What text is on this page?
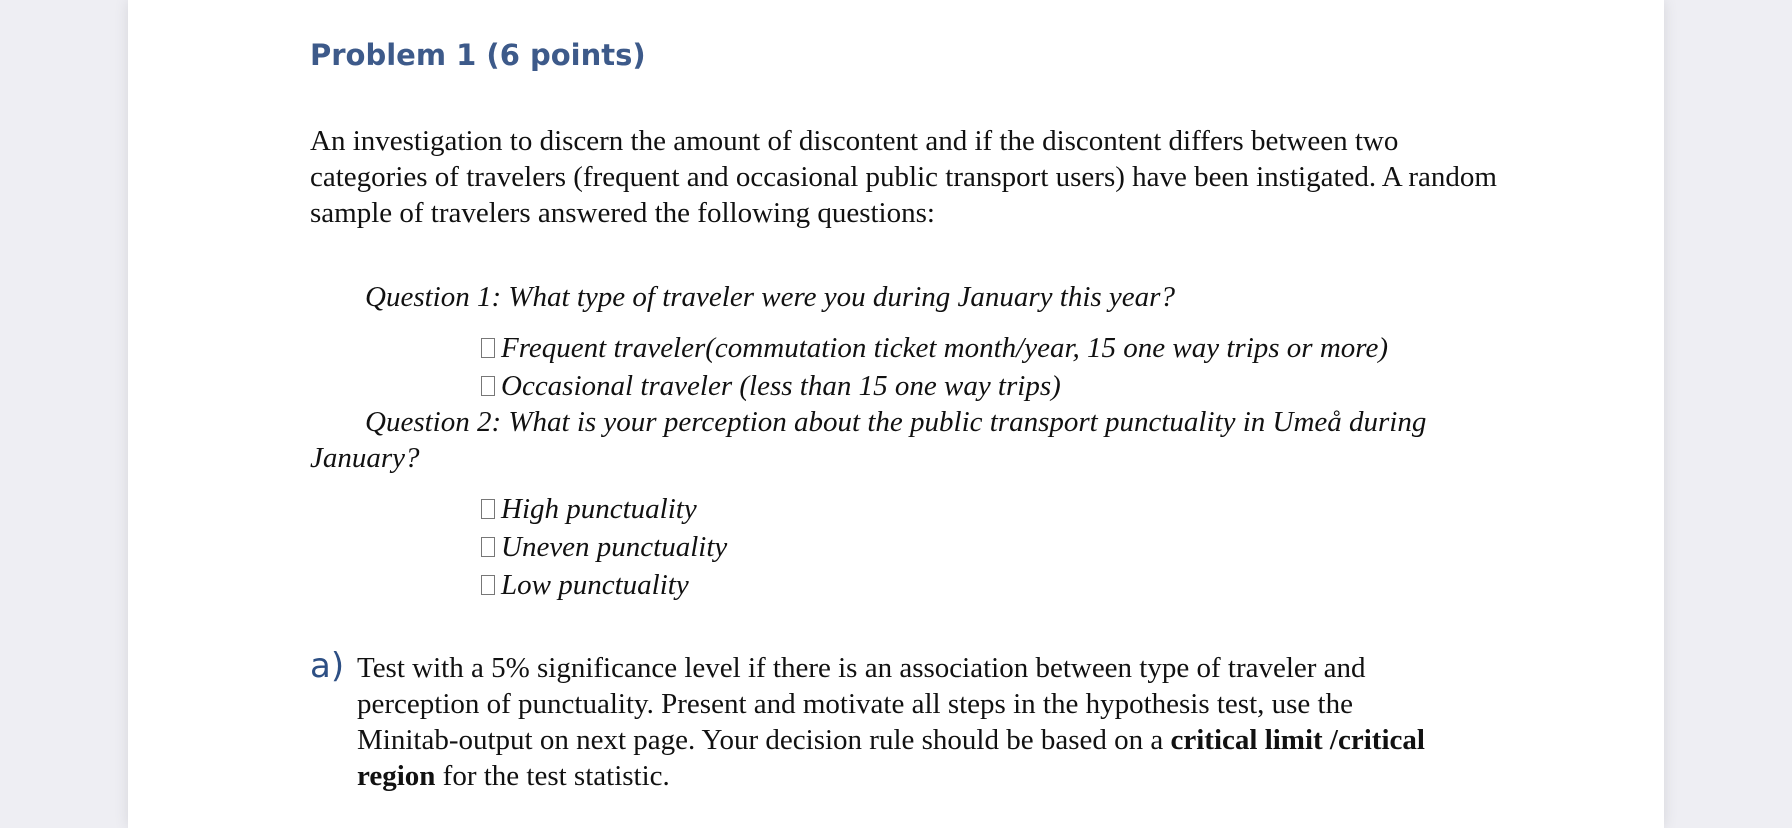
Problem 1 (6 points)

An investigation to discern the amount of discontent and if the discontent differs between two categories of travelers (frequent and occasional public transport users) have been instigated. A random sample of travelers answered the following questions:

Question 1: What type of traveler were you during January this year?

Frequent traveler(commutation ticket month/year, 15 one way trips or more)
Occasional traveler (less than 15 one way trips)

Question 2: What is your perception about the public transport punctuality in Umeå during January?

High punctuality
Uneven punctuality
Low punctuality
a) Test with a 5% significance level if there is an association between type of traveler and perception of punctuality. Present and motivate all steps in the hypothesis test, use the Minitab-output on next page. Your decision rule should be based on a critical limit /critical region for the test statistic.
